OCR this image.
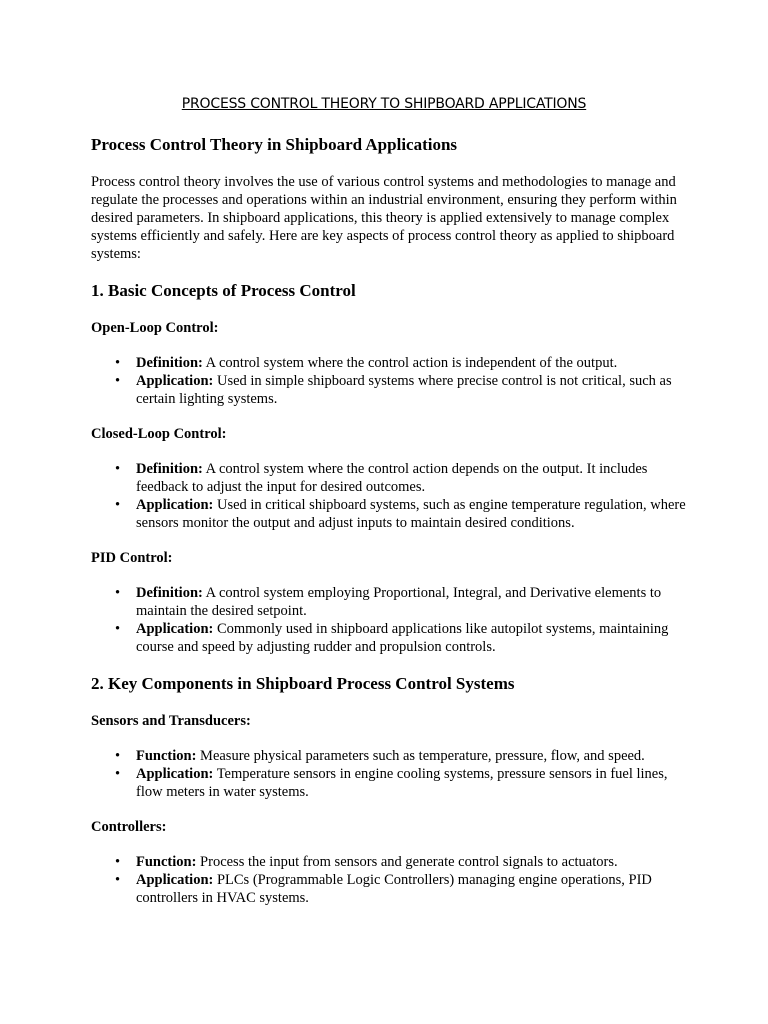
PROCESS CONTROL THEORY TO SHIPBOARD APPLICATIONS
Process Control Theory in Shipboard Applications

Process control theory involves the use of various control systems and methodologies to manage and regulate the processes and operations within an industrial environment, ensuring they perform within desired parameters. In shipboard applications, this theory is applied extensively to manage complex systems efficiently and safely. Here are key aspects of process control theory as applied to shipboard systems:

1. Basic Concepts of Process Control

Open-Loop Control:

• Definition: A control system where the control action is independent of the output.
• Application: Used in simple shipboard systems where precise control is not critical, such as certain lighting systems.

Closed-Loop Control:

• Definition: A control system where the control action depends on the output. It includes feedback to adjust the input for desired outcomes.
• Application: Used in critical shipboard systems, such as engine temperature regulation, where sensors monitor the output and adjust inputs to maintain desired conditions.

PID Control:

• Definition: A control system employing Proportional, Integral, and Derivative elements to maintain the desired setpoint.
• Application: Commonly used in shipboard applications like autopilot systems, maintaining course and speed by adjusting rudder and propulsion controls.
2. Key Components in Shipboard Process Control Systems

Sensors and Transducers:

• Function: Measure physical parameters such as temperature, pressure, flow, and speed.
• Application: Temperature sensors in engine cooling systems, pressure sensors in fuel lines, flow meters in water systems.

Controllers:

• Function: Process the input from sensors and generate control signals to actuators.
• Application: PLCs (Programmable Logic Controllers) managing engine operations, PID controllers in HVAC systems.
